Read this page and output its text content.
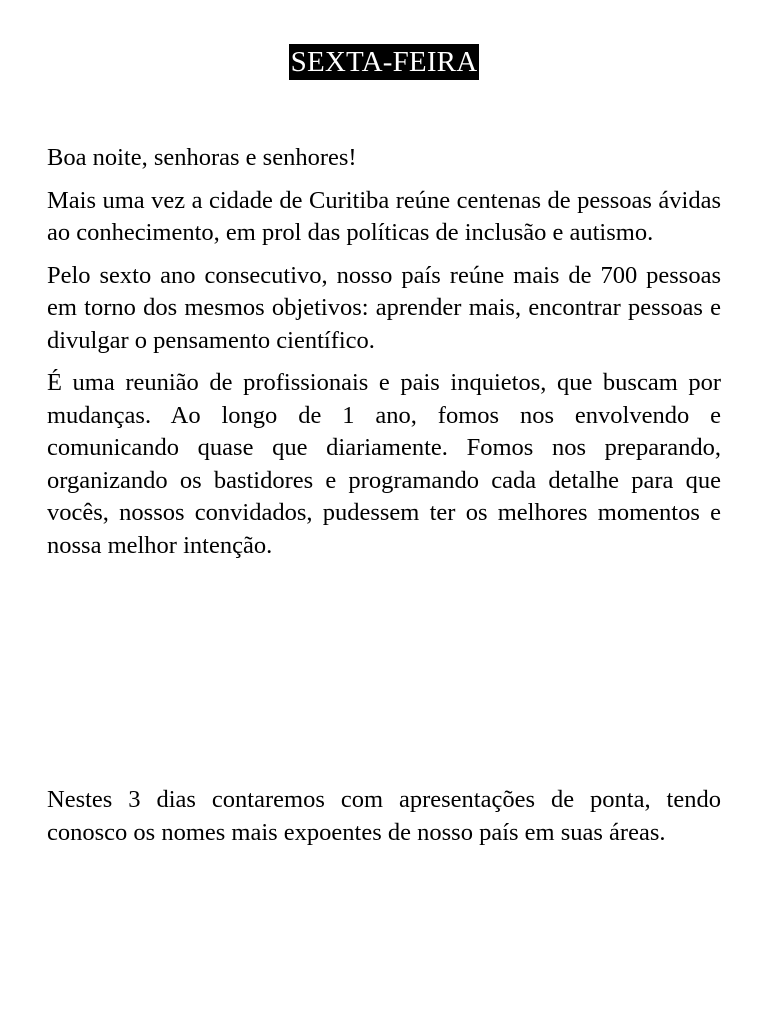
SEXTA-FEIRA

Boa noite, senhoras e senhores!

Mais uma vez a cidade de Curitiba reúne centenas de pessoas ávidas ao conhecimento, em prol das políticas de inclusão e autismo.

Pelo sexto ano consecutivo, nosso país reúne mais de 700 pessoas em torno dos mesmos objetivos: aprender mais, encontrar pessoas e divulgar o pensamento científico.

É uma reunião de profissionais e pais inquietos, que buscam por mudanças. Ao longo de 1 ano, fomos nos envolvendo e comunicando quase que diariamente. Fomos nos preparando, organizando os bastidores e programando cada detalhe para que vocês, nossos convidados, pudessem ter os melhores momentos e nossa melhor intenção.

Nestes 3 dias contaremos com apresentações de ponta, tendo conosco os nomes mais expoentes de nosso país em suas áreas.
